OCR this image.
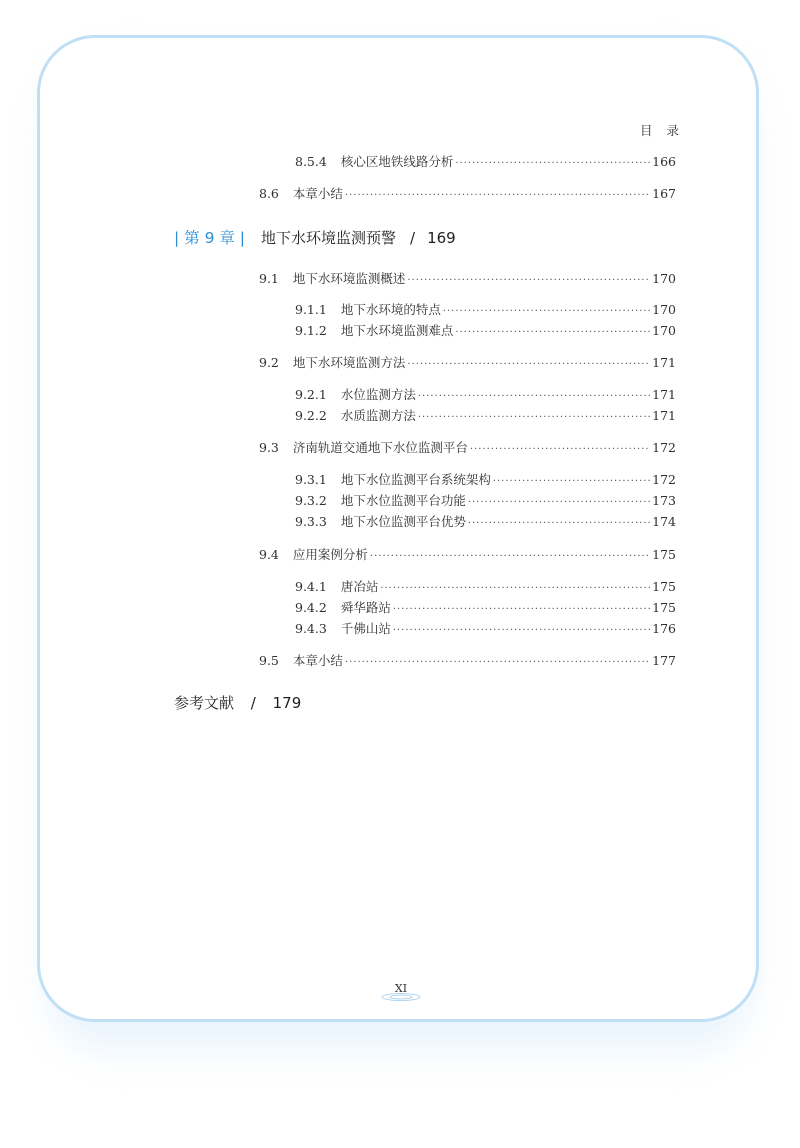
目 录
8.5.4 核心区地铁线路分析 ·····	166
8.6 本章小结 ·····	167
| 第 9 章 | 地下水环境监测预警 / 169
9.1 地下水环境监测概述 ·····	170
9.1.1 地下水环境的特点 ·····	170
9.1.2 地下水环境监测难点 ·····	170
9.2 地下水环境监测方法 ·····	171
9.2.1 水位监测方法 ·····	171
9.2.2 水质监测方法 ·····	171
9.3 济南轨道交通地下水位监测平台 ·····	172
9.3.1 地下水位监测平台系统架构 ·····	172
9.3.2 地下水位监测平台功能 ·····	173
9.3.3 地下水位监测平台优势 ·····	174
9.4 应用案例分析 ·····	175
9.4.1 唐冶站 ·····	175
9.4.2 舜华路站 ·····	175
9.4.3 千佛山站 ·····	176
9.5 本章小结 ·····	177
参考文献 / 179
XI
